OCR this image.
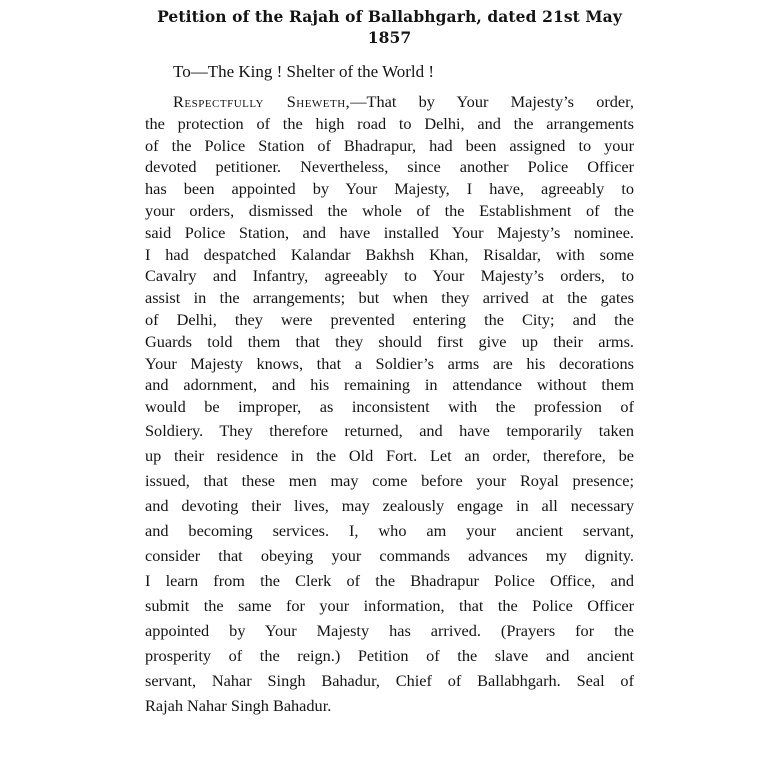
Petition of the Rajah of Ballabhgarh, dated 21st May
1857
To—The King ! Shelter of the World !
Respectfully Sheweth,—That by Your Majesty’s order,
the protection of the high road to Delhi, and the arrangements
of the Police Station of Bhadrapur, had been assigned to your
devoted petitioner. Nevertheless, since another Police Officer
has been appointed by Your Majesty, I have, agreeably to
your orders, dismissed the whole of the Establishment of the
said Police Station, and have installed Your Majesty’s nominee.
I had despatched Kalandar Bakhsh Khan, Risaldar, with some
Cavalry and Infantry, agreeably to Your Majesty’s orders, to
assist in the arrangements; but when they arrived at the gates
of Delhi, they were prevented entering the City; and the
Guards told them that they should first give up their arms.
Your Majesty knows, that a Soldier’s arms are his decorations
and adornment, and his remaining in attendance without them
would be improper, as inconsistent with the profession of
Soldiery. They therefore returned, and have temporarily taken
up their residence in the Old Fort. Let an order, therefore, be
issued, that these men may come before your Royal presence;
and devoting their lives, may zealously engage in all necessary
and becoming services. I, who am your ancient servant,
consider that obeying your commands advances my dignity.
I learn from the Clerk of the Bhadrapur Police Office, and
submit the same for your information, that the Police Officer
appointed by Your Majesty has arrived. (Prayers for the
prosperity of the reign.) Petition of the slave and ancient
servant, Nahar Singh Bahadur, Chief of Ballabhgarh. Seal of
Rajah Nahar Singh Bahadur.
